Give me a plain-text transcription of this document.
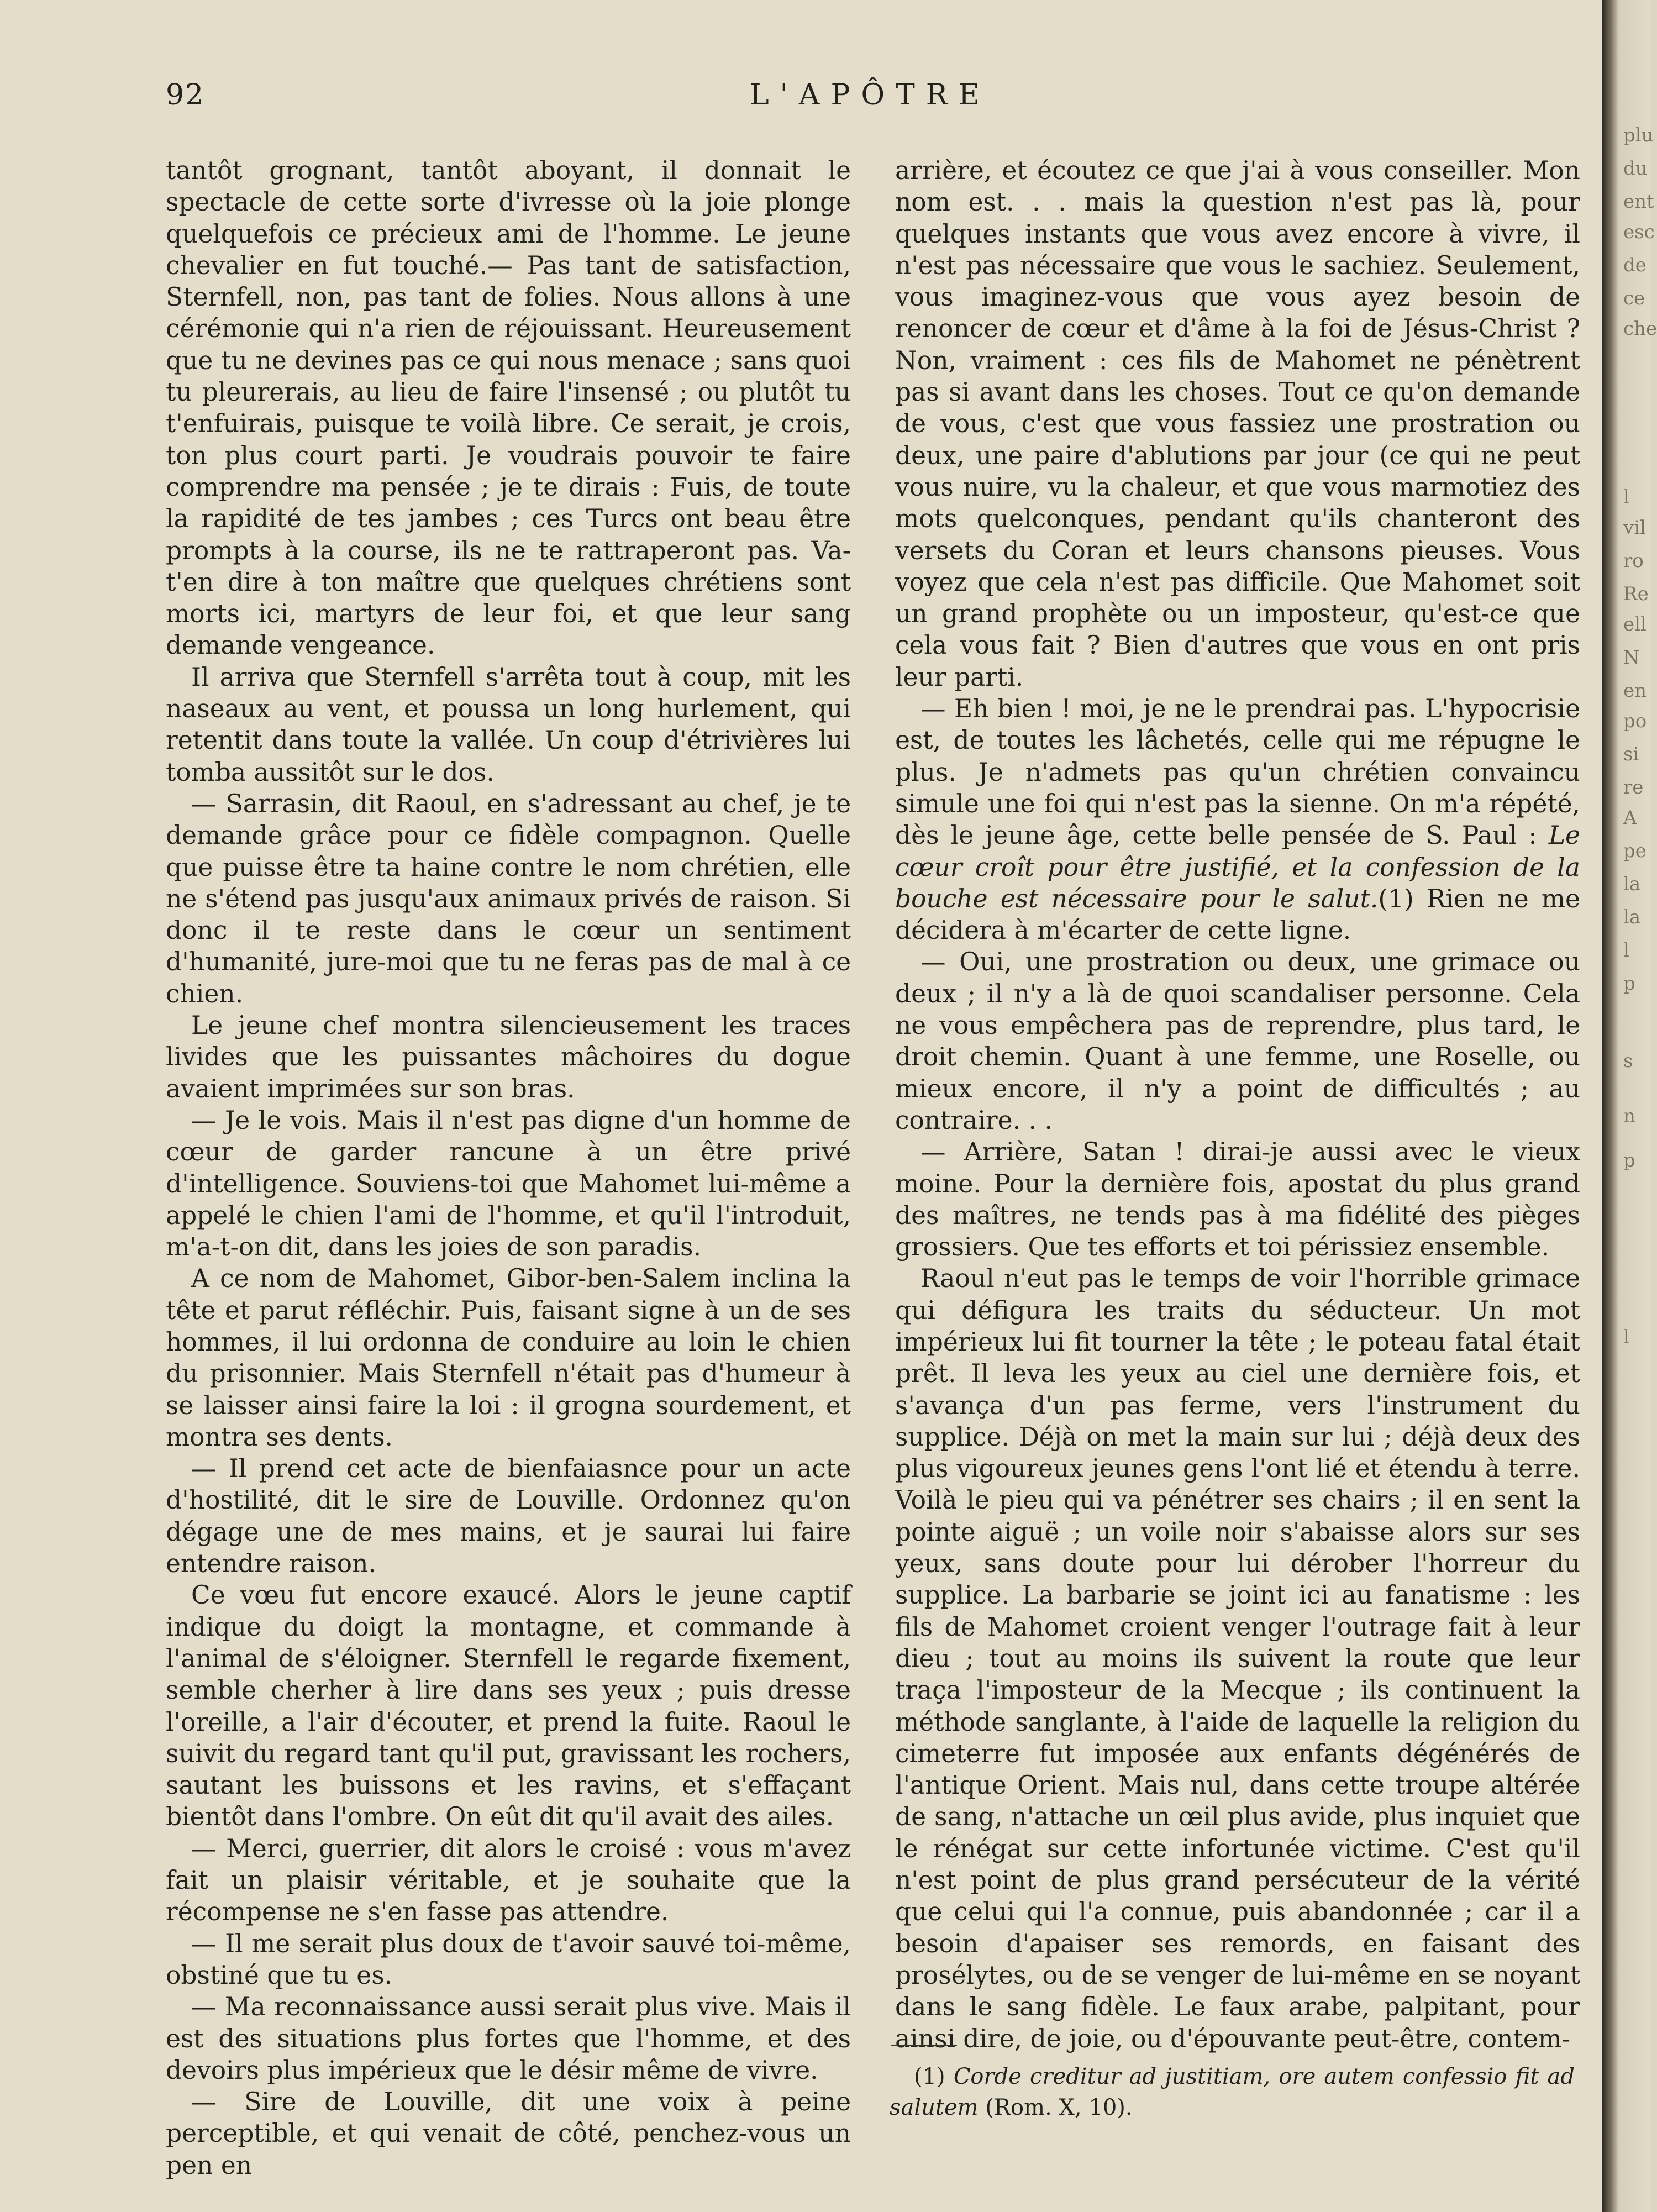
92	L'APÔTRE

tantôt grognant, tantôt aboyant, il donnait le spectacle de cette sorte d'ivresse où la joie plonge quelquefois ce précieux ami de l'homme. Le jeune chevalier en fut touché.— Pas tant de satisfaction, Sternfell, non, pas tant de folies. Nous allons à une cérémonie qui n'a rien de réjouissant. Heureusement que tu ne devines pas ce qui nous menace ; sans quoi tu pleurerais, au lieu de faire l'insensé ; ou plutôt tu t'enfuirais, puisque te voilà libre. Ce serait, je crois, ton plus court parti. Je voudrais pouvoir te faire comprendre ma pensée ; je te dirais : Fuis, de toute la rapidité de tes jambes ; ces Turcs ont beau être prompts à la course, ils ne te rattraperont pas. Va-t'en dire à ton maître que quelques chrétiens sont morts ici, martyrs de leur foi, et que leur sang demande vengeance.

Il arriva que Sternfell s'arrêta tout à coup, mit les naseaux au vent, et poussa un long hurlement, qui retentit dans toute la vallée. Un coup d'étrivières lui tomba aussitôt sur le dos.

— Sarrasin, dit Raoul, en s'adressant au chef, je te demande grâce pour ce fidèle compagnon. Quelle que puisse être ta haine contre le nom chrétien, elle ne s'étend pas jusqu'aux animaux privés de raison. Si donc il te reste dans le cœur un sentiment d'humanité, jure-moi que tu ne feras pas de mal à ce chien.

Le jeune chef montra silencieusement les traces livides que les puissantes mâchoires du dogue avaient imprimées sur son bras.

— Je le vois. Mais il n'est pas digne d'un homme de cœur de garder rancune à un être privé d'intelligence. Souviens-toi que Mahomet lui-même a appelé le chien l'ami de l'homme, et qu'il l'introduit, m'a-t-on dit, dans les joies de son paradis.

A ce nom de Mahomet, Gibor-ben-Salem inclina la tête et parut réfléchir. Puis, faisant signe à un de ses hommes, il lui ordonna de conduire au loin le chien du prisonnier. Mais Sternfell n'était pas d'humeur à se laisser ainsi faire la loi : il grogna sourdement, et montra ses dents.

— Il prend cet acte de bienfaiasnce pour un acte d'hostilité, dit le sire de Louville. Ordonnez qu'on dégage une de mes mains, et je saurai lui faire entendre raison.

Ce vœu fut encore exaucé. Alors le jeune captif indique du doigt la montagne, et commande à l'animal de s'éloigner. Sternfell le regarde fixement, semble cherher à lire dans ses yeux ; puis dresse l'oreille, a l'air d'écouter, et prend la fuite. Raoul le suivit du regard tant qu'il put, gravissant les rochers, sautant les buissons et les ravins, et s'effaçant bientôt dans l'ombre. On eût dit qu'il avait des ailes.

— Merci, guerrier, dit alors le croisé : vous m'avez fait un plaisir véritable, et je souhaite que la récompense ne s'en fasse pas attendre.

— Il me serait plus doux de t'avoir sauvé toi-même, obstiné que tu es.

— Ma reconnaissance aussi serait plus vive. Mais il est des situations plus fortes que l'homme, et des devoirs plus impérieux que le désir même de vivre.

— Sire de Louville, dit une voix à peine perceptible, et qui venait de côté, penchez-vous un pen en

arrière, et écoutez ce que j'ai à vous conseiller. Mon nom est. . . mais la question n'est pas là, pour quelques instants que vous avez encore à vivre, il n'est pas nécessaire que vous le sachiez. Seulement, vous imaginez-vous que vous ayez besoin de renoncer de cœur et d'âme à la foi de Jésus-Christ ? Non, vraiment : ces fils de Mahomet ne pénètrent pas si avant dans les choses. Tout ce qu'on demande de vous, c'est que vous fassiez une prostration ou deux, une paire d'ablutions par jour (ce qui ne peut vous nuire, vu la chaleur, et que vous marmotiez des mots quelconques, pendant qu'ils chanteront des versets du Coran et leurs chansons pieuses. Vous voyez que cela n'est pas difficile. Que Mahomet soit un grand prophète ou un imposteur, qu'est-ce que cela vous fait ? Bien d'autres que vous en ont pris leur parti.

— Eh bien ! moi, je ne le prendrai pas. L'hypocrisie est, de toutes les lâchetés, celle qui me répugne le plus. Je n'admets pas qu'un chrétien convaincu simule une foi qui n'est pas la sienne. On m'a répété, dès le jeune âge, cette belle pensée de S. Paul : Le cœur croît pour être justifié, et la confession de la bouche est nécessaire pour le salut.(1) Rien ne me décidera à m'écarter de cette ligne.

— Oui, une prostration ou deux, une grimace ou deux ; il n'y a là de quoi scandaliser personne. Cela ne vous empêchera pas de reprendre, plus tard, le droit chemin. Quant à une femme, une Roselle, ou mieux encore, il n'y a point de difficultés ; au contraire. . .

— Arrière, Satan ! dirai-je aussi avec le vieux moine. Pour la dernière fois, apostat du plus grand des maîtres, ne tends pas à ma fidélité des pièges grossiers. Que tes efforts et toi périssiez ensemble.

Raoul n'eut pas le temps de voir l'horrible grimace qui défigura les traits du séducteur. Un mot impérieux lui fit tourner la tête ; le poteau fatal était prêt. Il leva les yeux au ciel une dernière fois, et s'avança d'un pas ferme, vers l'instrument du supplice. Déjà on met la main sur lui ; déjà deux des plus vigoureux jeunes gens l'ont lié et étendu à terre. Voilà le pieu qui va pénétrer ses chairs ; il en sent la pointe aiguë ; un voile noir s'abaisse alors sur ses yeux, sans doute pour lui dérober l'horreur du supplice. La barbarie se joint ici au fanatisme : les fils de Mahomet croient venger l'outrage fait à leur dieu ; tout au moins ils suivent la route que leur traça l'imposteur de la Mecque ; ils continuent la méthode sanglante, à l'aide de laquelle la religion du cimeterre fut imposée aux enfants dégénérés de l'antique Orient. Mais nul, dans cette troupe altérée de sang, n'attache un œil plus avide, plus inquiet que le rénégat sur cette infortunée victime. C'est qu'il n'est point de plus grand persécuteur de la vérité que celui qui l'a connue, puis abandonnée ; car il a besoin d'apaiser ses remords, en faisant des prosélytes, ou de se venger de lui-même en se noyant dans le sang fidèle. Le faux arabe, palpitant, pour ainsi dire, de joie, ou d'épouvante peut-être, contem-

(1) Corde creditur ad justitiam, ore autem confessio fit ad salutem (Rom. X, 10).
plu
du
ent
esc
de
ce
che
l
vil
ro
Re
ell
N
en
po
si
re
A
pe
la
la
l
p
s
n
p
l
